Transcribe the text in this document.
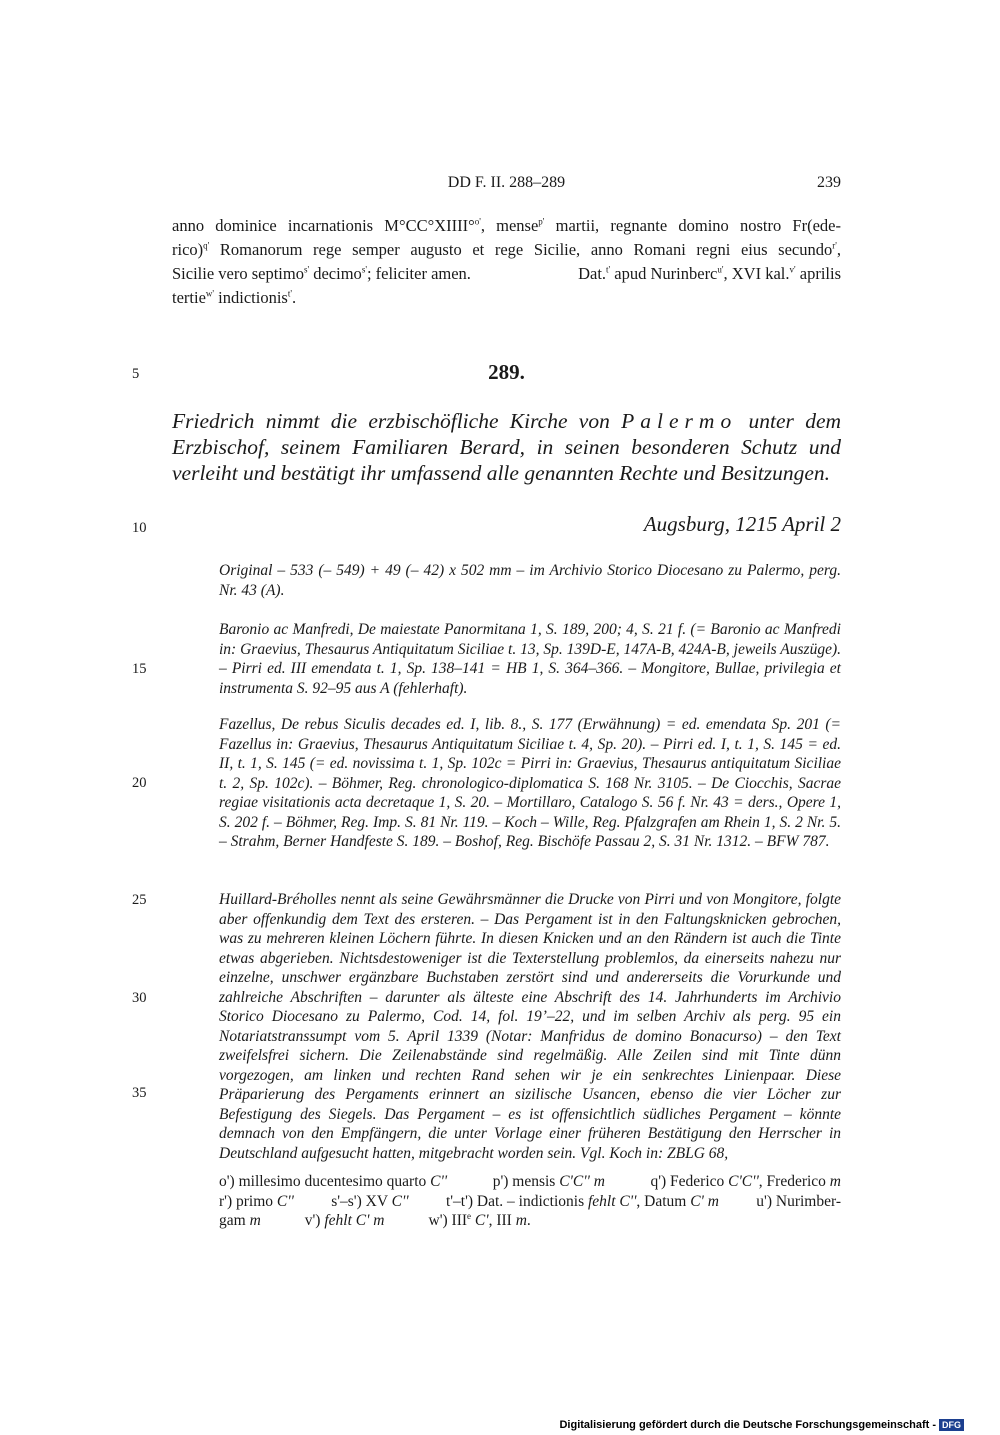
DD F. II. 288–289	239
anno dominice incarnationis M°CC°XIIII°$^{o'}$, mense$^{p'}$ martii, regnante domino nostro Fr(ede-
rico)$^{q'}$ Romanorum rege semper augusto et rege Sicilie, anno Romani regni eius secundo$^{r'}$,
Sicilie vero septimo$^{s'}$ decimo$^{s'}$; feliciter amen.	Dat.$^{t'}$ apud Nurinberc$^{u'}$, XVI kal.$^{v'}$ aprilis
tertie$^{w'}$ indictionis$^{t'}$.
5
10
15
20
25
30
35
289.
Friedrich nimmt die erzbischöfliche Kirche von Palermo unter dem Erzbischof, seinem Familiaren Berard, in seinen besonderen Schutz und verleiht und bestätigt ihr umfassend alle genannten Rechte und Besitzungen.
Augsburg, 1215 April 2
Original – 533 (– 549) + 49 (– 42) x 502 mm – im Archivio Storico Diocesano zu Palermo, perg. Nr. 43 (A).
Baronio ac Manfredi, De maiestate Panormitana 1, S. 189, 200; 4, S. 21 f. (= Baronio ac Manfredi in: Graevius, Thesaurus Antiquitatum Siciliae t. 13, Sp. 139D-E, 147A-B, 424A-B, jeweils Auszüge). – Pirri ed. III emendata t. 1, Sp. 138–141 = HB 1, S. 364–366. – Mongitore, Bullae, privilegia et instrumenta S. 92–95 aus A (fehlerhaft).
Fazellus, De rebus Siculis decades ed. I, lib. 8., S. 177 (Erwähnung) = ed. emendata Sp. 201 (= Fazellus in: Graevius, Thesaurus Antiquitatum Siciliae t. 4, Sp. 20). – Pirri ed. I, t. 1, S. 145 = ed. II, t. 1, S. 145 (= ed. novissima t. 1, Sp. 102c = Pirri in: Graevius, Thesaurus antiquitatum Siciliae t. 2, Sp. 102c). – Böhmer, Reg. chronologico-diplomatica S. 168 Nr. 3105. – De Ciocchis, Sacrae regiae visitationis acta decretaque 1, S. 20. – Mortillaro, Catalogo S. 56 f. Nr. 43 = ders., Opere 1, S. 202 f. – Böhmer, Reg. Imp. S. 81 Nr. 119. – Koch – Wille, Reg. Pfalzgrafen am Rhein 1, S. 2 Nr. 5. – Strahm, Berner Handfeste S. 189. – Boshof, Reg. Bischöfe Passau 2, S. 31 Nr. 1312. – BFW 787.
Huillard-Bréholles nennt als seine Gewährsmänner die Drucke von Pirri und von Mongitore, folgte aber offenkundig dem Text des ersteren. – Das Pergament ist in den Faltungsknicken gebrochen, was zu mehreren kleinen Löchern führte. In diesen Knicken und an den Rändern ist auch die Tinte etwas abgerieben. Nichtsdestoweniger ist die Texterstellung problemlos, da einerseits nahezu nur einzelne, unschwer ergänzbare Buchstaben zerstört sind und andererseits die Vorurkunde und zahlreiche Abschriften – darunter als älteste eine Abschrift des 14. Jahrhunderts im Archivio Storico Diocesano zu Palermo, Cod. 14, fol. 19’–22, und im selben Archiv als perg. 95 ein Notariatstranssumpt vom 5. April 1339 (Notar: Manfridus de domino Bonacurso) – den Text zweifelsfrei sichern. Die Zeilenabstände sind regelmäßig. Alle Zeilen sind mit Tinte dünn vorgezogen, am linken und rechten Rand sehen wir je ein senkrechtes Linienpaar. Diese Präparierung des Pergaments erinnert an sizilische Usancen, ebenso die vier Löcher zur Befestigung des Siegels. Das Pergament – es ist offensichtlich südliches Pergament – könnte demnach von den Empfängern, die unter Vorlage einer früheren Bestätigung den Herrscher in Deutschland aufgesucht hatten, mitgebracht worden sein. Vgl. Koch in: ZBLG 68,
o') millesimo ducentesimo quarto C''	p') mensis C'C'' m	q') Federico C'C'', Frederico m
r') primo C'' s'–s') XV C'' t'–t') Dat. – indictionis fehlt C'', Datum C' m u') Nurimber-
gam m	v') fehlt C' m	w') IIIe C', III m.
Digitalisierung gefördert durch die Deutsche Forschungsgemeinschaft - DFG
